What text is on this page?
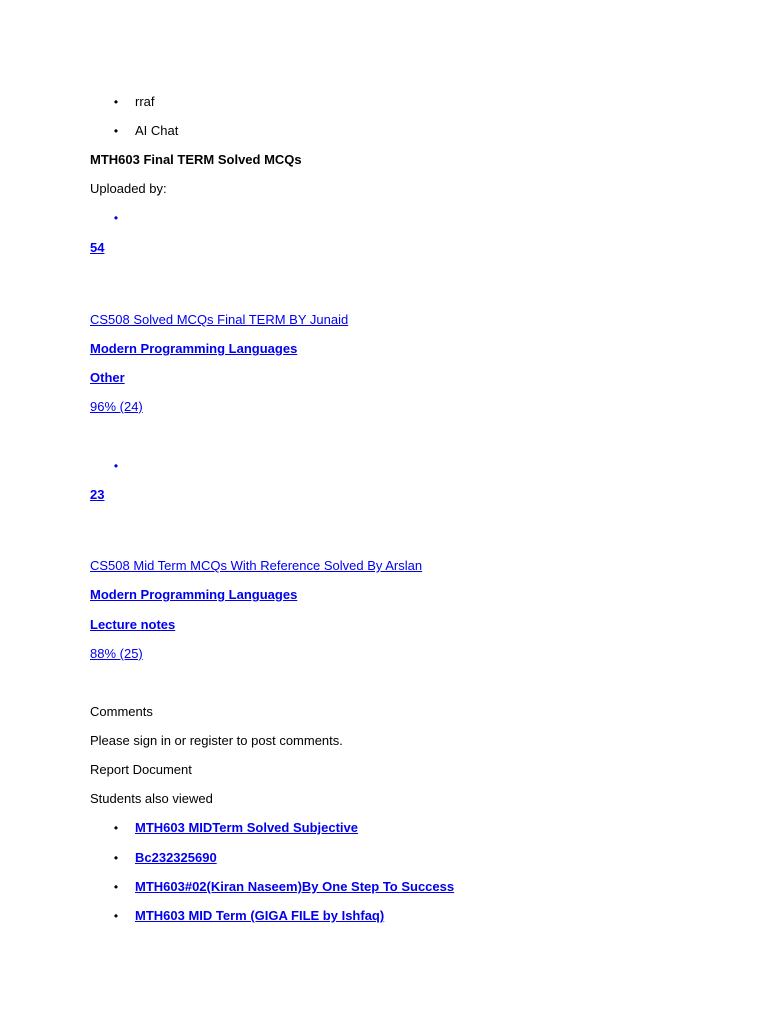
• rraf
• AI Chat
MTH603 Final TERM Solved MCQs
Uploaded by:
•
54
CS508 Solved MCQs Final TERM BY Junaid
Modern Programming Languages
Other
96% (24)
•
23
CS508 Mid Term MCQs With Reference Solved By Arslan
Modern Programming Languages
Lecture notes
88% (25)
Comments
Please sign in or register to post comments.
Report Document
Students also viewed
• MTH603 MIDTerm Solved Subjective
• Bc232325690
• MTH603#02(Kiran Naseem)By One Step To Success
• MTH603 MID Term (GIGA FILE by Ishfaq)
